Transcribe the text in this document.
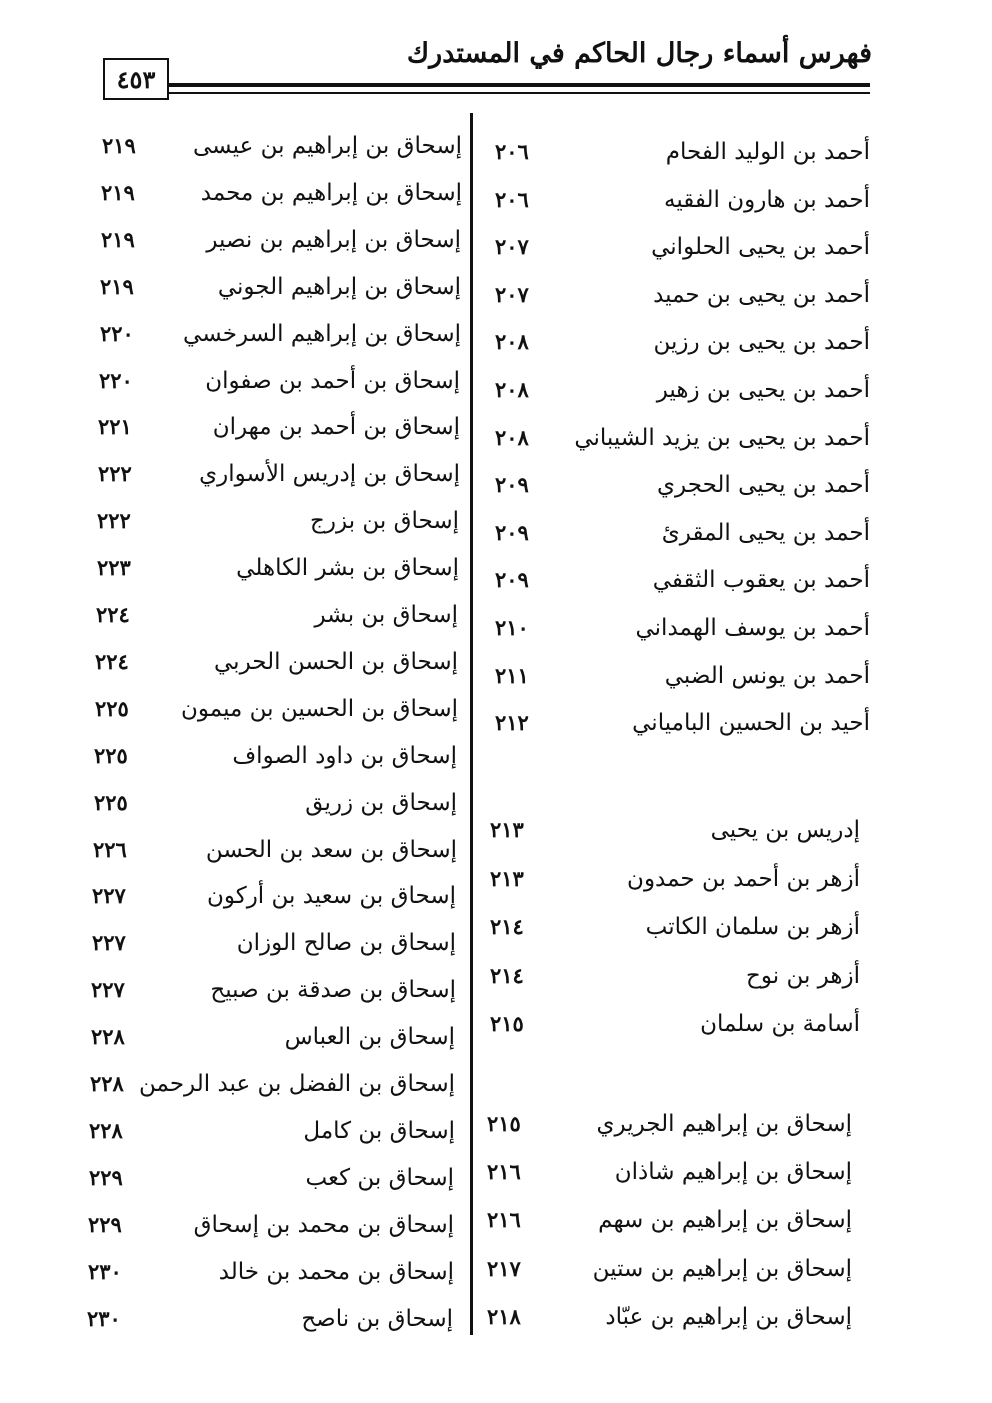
فهرس أسماء رجال الحاكم في المستدرك
٤٥٣
أحمد بن الوليد الفحام
٢٠٦
أحمد بن هارون الفقيه
٢٠٦
أحمد بن يحيى الحلواني
٢٠٧
أحمد بن يحيى بن حميد
٢٠٧
أحمد بن يحيى بن رزين
٢٠٨
أحمد بن يحيى بن زهير
٢٠٨
أحمد بن يحيى بن يزيد الشيباني
٢٠٨
أحمد بن يحيى الحجري
٢٠٩
أحمد بن يحيى المقرئ
٢٠٩
أحمد بن يعقوب الثقفي
٢٠٩
أحمد بن يوسف الهمداني
٢١٠
أحمد بن يونس الضبي
٢١١
أحيد بن الحسين البامياني
٢١٢
إدريس بن يحيى
٢١٣
أزهر بن أحمد بن حمدون
٢١٣
أزهر بن سلمان الكاتب
٢١٤
أزهر بن نوح
٢١٤
أسامة بن سلمان
٢١٥
إسحاق بن إبراهيم الجريري
٢١٥
إسحاق بن إبراهيم شاذان
٢١٦
إسحاق بن إبراهيم بن سهم
٢١٦
إسحاق بن إبراهيم بن ستين
٢١٧
إسحاق بن إبراهيم بن عبّاد
٢١٨
إسحاق بن إبراهيم بن عيسى
٢١٩
إسحاق بن إبراهيم بن محمد
٢١٩
إسحاق بن إبراهيم بن نصير
٢١٩
إسحاق بن إبراهيم الجوني
٢١٩
إسحاق بن إبراهيم السرخسي
٢٢٠
إسحاق بن أحمد بن صفوان
٢٢٠
إسحاق بن أحمد بن مهران
٢٢١
إسحاق بن إدريس الأسواري
٢٢٢
إسحاق بن بزرج
٢٢٢
إسحاق بن بشر الكاهلي
٢٢٣
إسحاق بن بشر
٢٢٤
إسحاق بن الحسن الحربي
٢٢٤
إسحاق بن الحسين بن ميمون
٢٢٥
إسحاق بن داود الصواف
٢٢٥
إسحاق بن زريق
٢٢٥
إسحاق بن سعد بن الحسن
٢٢٦
إسحاق بن سعيد بن أركون
٢٢٧
إسحاق بن صالح الوزان
٢٢٧
إسحاق بن صدقة بن صبيح
٢٢٧
إسحاق بن العباس
٢٢٨
إسحاق بن الفضل بن عبد الرحمن
٢٢٨
إسحاق بن كامل
٢٢٨
إسحاق بن كعب
٢٢٩
إسحاق بن محمد بن إسحاق
٢٢٩
إسحاق بن محمد بن خالد
٢٣٠
إسحاق بن ناصح
٢٣٠
